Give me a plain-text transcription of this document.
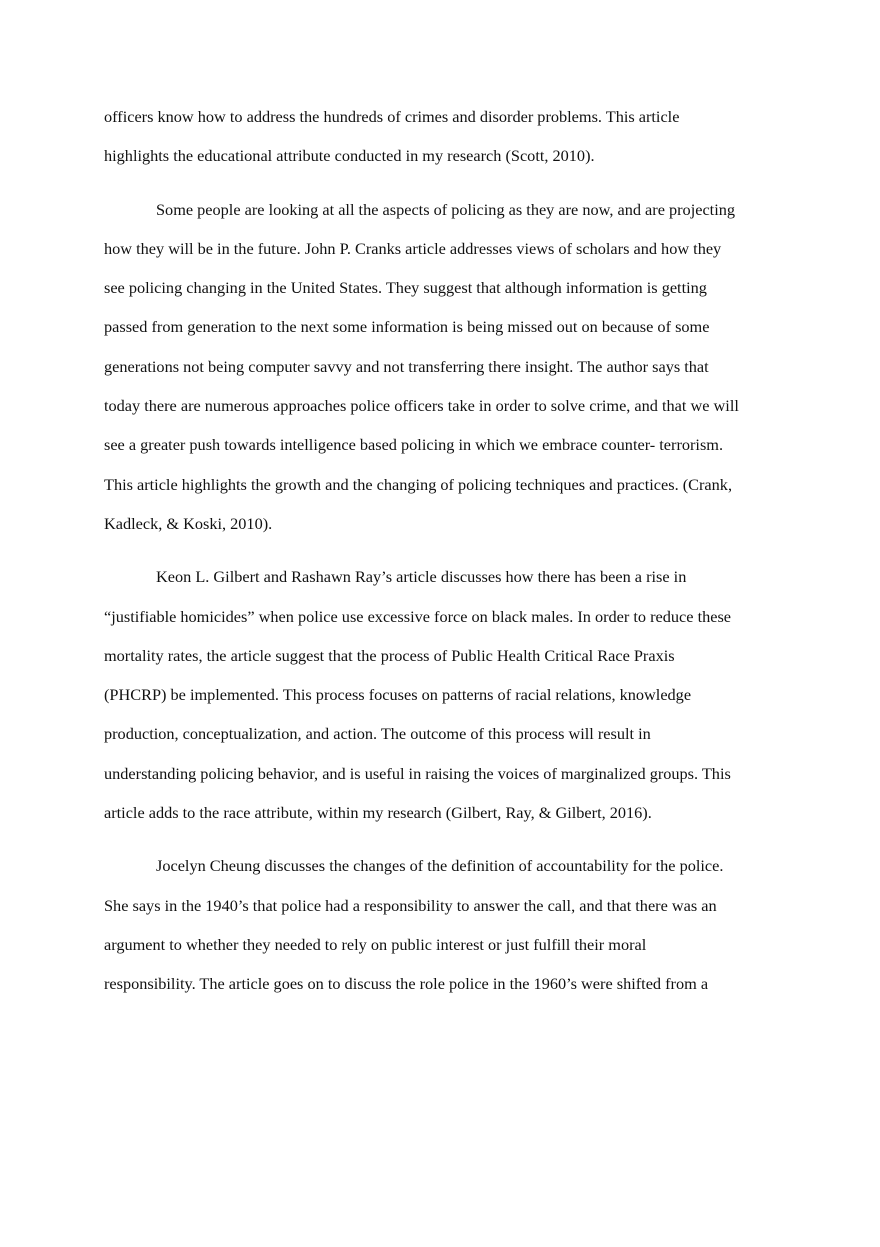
officers know how to address the hundreds of crimes and disorder problems. This article
highlights the educational attribute conducted in my research (Scott, 2010).
Some people are looking at all the aspects of policing as they are now, and are projecting
how they will be in the future. John P. Cranks article addresses views of scholars and how they
see policing changing in the United States. They suggest that although information is getting
passed from generation to the next some information is being missed out on because of some
generations not being computer savvy and not transferring there insight. The author says that
today there are numerous approaches police officers take in order to solve crime, and that we will
see a greater push towards intelligence based policing in which we embrace counter- terrorism.
This article highlights the growth and the changing of policing techniques and practices. (Crank,
Kadleck, & Koski, 2010).
Keon L. Gilbert and Rashawn Ray’s article discusses how there has been a rise in
“justifiable homicides” when police use excessive force on black males. In order to reduce these
mortality rates, the article suggest that the process of Public Health Critical Race Praxis
(PHCRP) be implemented. This process focuses on patterns of racial relations, knowledge
production, conceptualization, and action. The outcome of this process will result in
understanding policing behavior, and is useful in raising the voices of marginalized groups. This
article adds to the race attribute, within my research (Gilbert, Ray, & Gilbert, 2016).
Jocelyn Cheung discusses the changes of the definition of accountability for the police.
She says in the 1940’s that police had a responsibility to answer the call, and that there was an
argument to whether they needed to rely on public interest or just fulfill their moral
responsibility. The article goes on to discuss the role police in the 1960’s were shifted from a
